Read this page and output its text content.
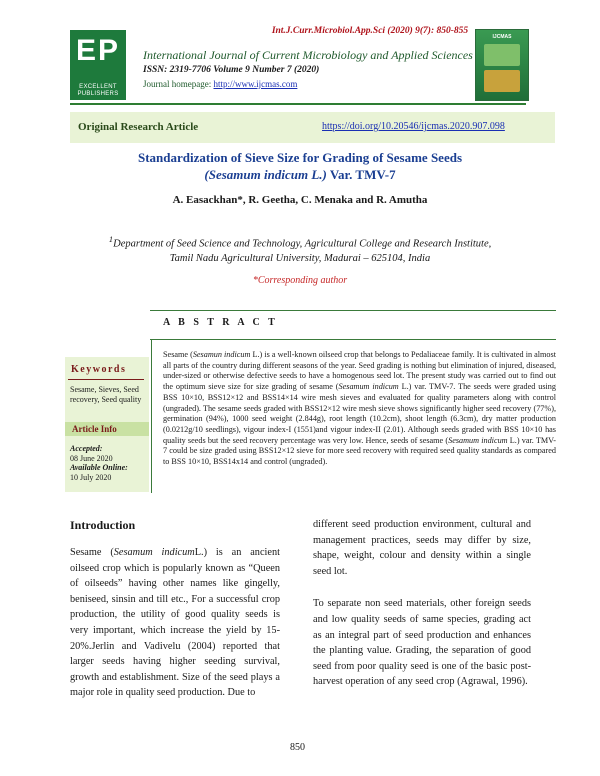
Int.J.Curr.Microbiol.App.Sci (2020) 9(7): 850-855
EP
EXCELLENT PUBLISHERS
International Journal of Current Microbiology and Applied Sciences
ISSN: 2319-7706 Volume 9 Number 7 (2020)
Journal homepage: http://www.ijcmas.com
IJCMAS
Original Research Article	https://doi.org/10.20546/ijcmas.2020.907.098
Standardization of Sieve Size for Grading of Sesame Seeds
(Sesamum indicum L.) Var. TMV-7
A. Easackhan*, R. Geetha, C. Menaka and R. Amutha
$^1$Department of Seed Science and Technology, Agricultural College and Research Institute,
Tamil Nadu Agricultural University, Madurai – 625104, India
*Corresponding author
A B S T R A C T
Keywords
Sesame, Sieves, Seed recovery, Seed quality
Article Info
Accepted:
08 June 2020
Available Online:
10 July 2020
Sesame (Sesamun indicum L.) is a well-known oilseed crop that belongs to Pedaliaceae family. It is cultivated in almost all parts of the country during different seasons of the year. Seed grading is nothing but elimination of injured, diseased, under-sized or otherwise defective seeds to have a homogenous seed lot. The present study was carried out to find out the optimum sieve size for size grading of sesame (Sesamum indicum L.) var. TMV-7. The seeds were graded using BSS 10×10, BSS12×12 and BSS14×14 wire mesh sieves and evaluated for quality parameters along with control (ungraded). The sesame seeds graded with BSS12×12 wire mesh sieve shows significantly higher seed recovery (77%), germination (94%), 1000 seed weight (2.844g), root length (10.2cm), shoot length (6.3cm), dry matter production (0.0212g/10 seedlings), vigour index-I (1551)and vigour index-II (2.01). Although seeds graded with BSS 10×10 has quality seeds but the seed recovery percentage was very low. Hence, seeds of sesame (Sesamum indicum L.) var. TMV-7 could be size graded using BSS12×12 sieve for more seed recovery with required seed quality standards as compared to BSS 10×10, BSS14x14 and control (ungraded).
Introduction

Sesame (Sesamum indicumL.) is an ancient oilseed crop which is popularly known as “Queen of oilseeds” having other names like gingelly, beniseed, sinsin and till etc., For a successful crop production, the utility of good quality seeds is very important, which increase the yield by 15-20%.Jerlin and Vadivelu (2004) reported that larger seeds having higher seeding survival, growth and establishment. Size of the seed plays a major role in quality seed production. Due to

different seed production environment, cultural and management practices, seeds may differ by size, shape, weight, colour and density within a single seed lot.

To separate non seed materials, other foreign seeds and low quality seeds of same species, grading act as an integral part of seed production and enhances the planting value. Grading, the separation of good seed from poor quality seed is one of the basic post-harvest operation of any seed crop (Agrawal, 1996).

850
